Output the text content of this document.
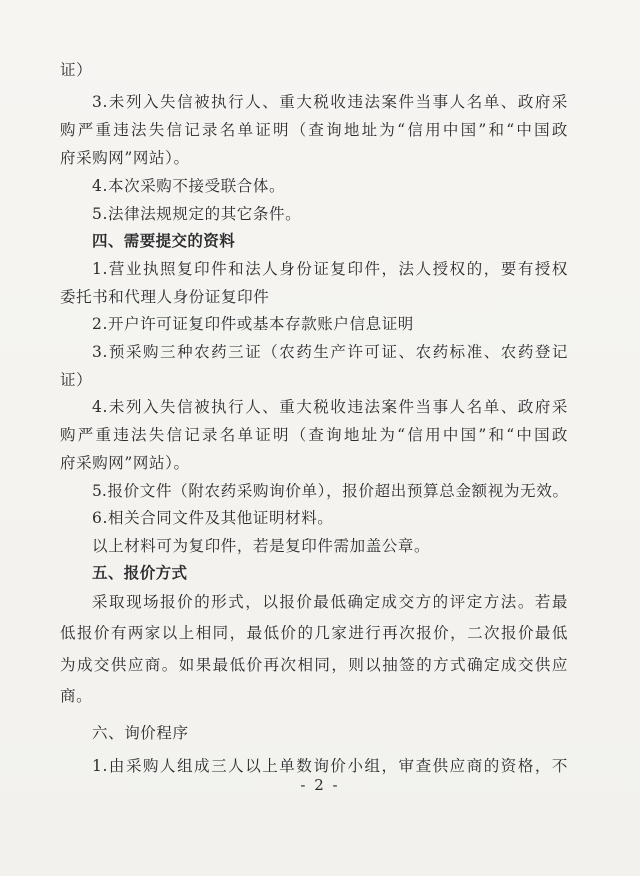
证）
3.未列入失信被执行人、重大税收违法案件当事人名单、政府采
购严重违法失信记录名单证明（查询地址为“信用中国”和“中国政
府采购网”网站）。
4.本次采购不接受联合体。
5.法律法规规定的其它条件。
四、需要提交的资料
1.营业执照复印件和法人身份证复印件，法人授权的，要有授权
委托书和代理人身份证复印件
2.开户许可证复印件或基本存款账户信息证明
3.预采购三种农药三证（农药生产许可证、农药标准、农药登记
证）
4.未列入失信被执行人、重大税收违法案件当事人名单、政府采
购严重违法失信记录名单证明（查询地址为“信用中国”和“中国政
府采购网”网站）。
5.报价文件（附农药采购询价单），报价超出预算总金额视为无效。
6.相关合同文件及其他证明材料。
以上材料可为复印件，若是复印件需加盖公章。
五、报价方式
采取现场报价的形式，以报价最低确定成交方的评定方法。若最
低报价有两家以上相同，最低价的几家进行再次报价，二次报价最低
为成交供应商。如果最低价再次相同，则以抽签的方式确定成交供应
商。
六、询价程序
1.由采购人组成三人以上单数询价小组，审查供应商的资格，不
- 2 -
